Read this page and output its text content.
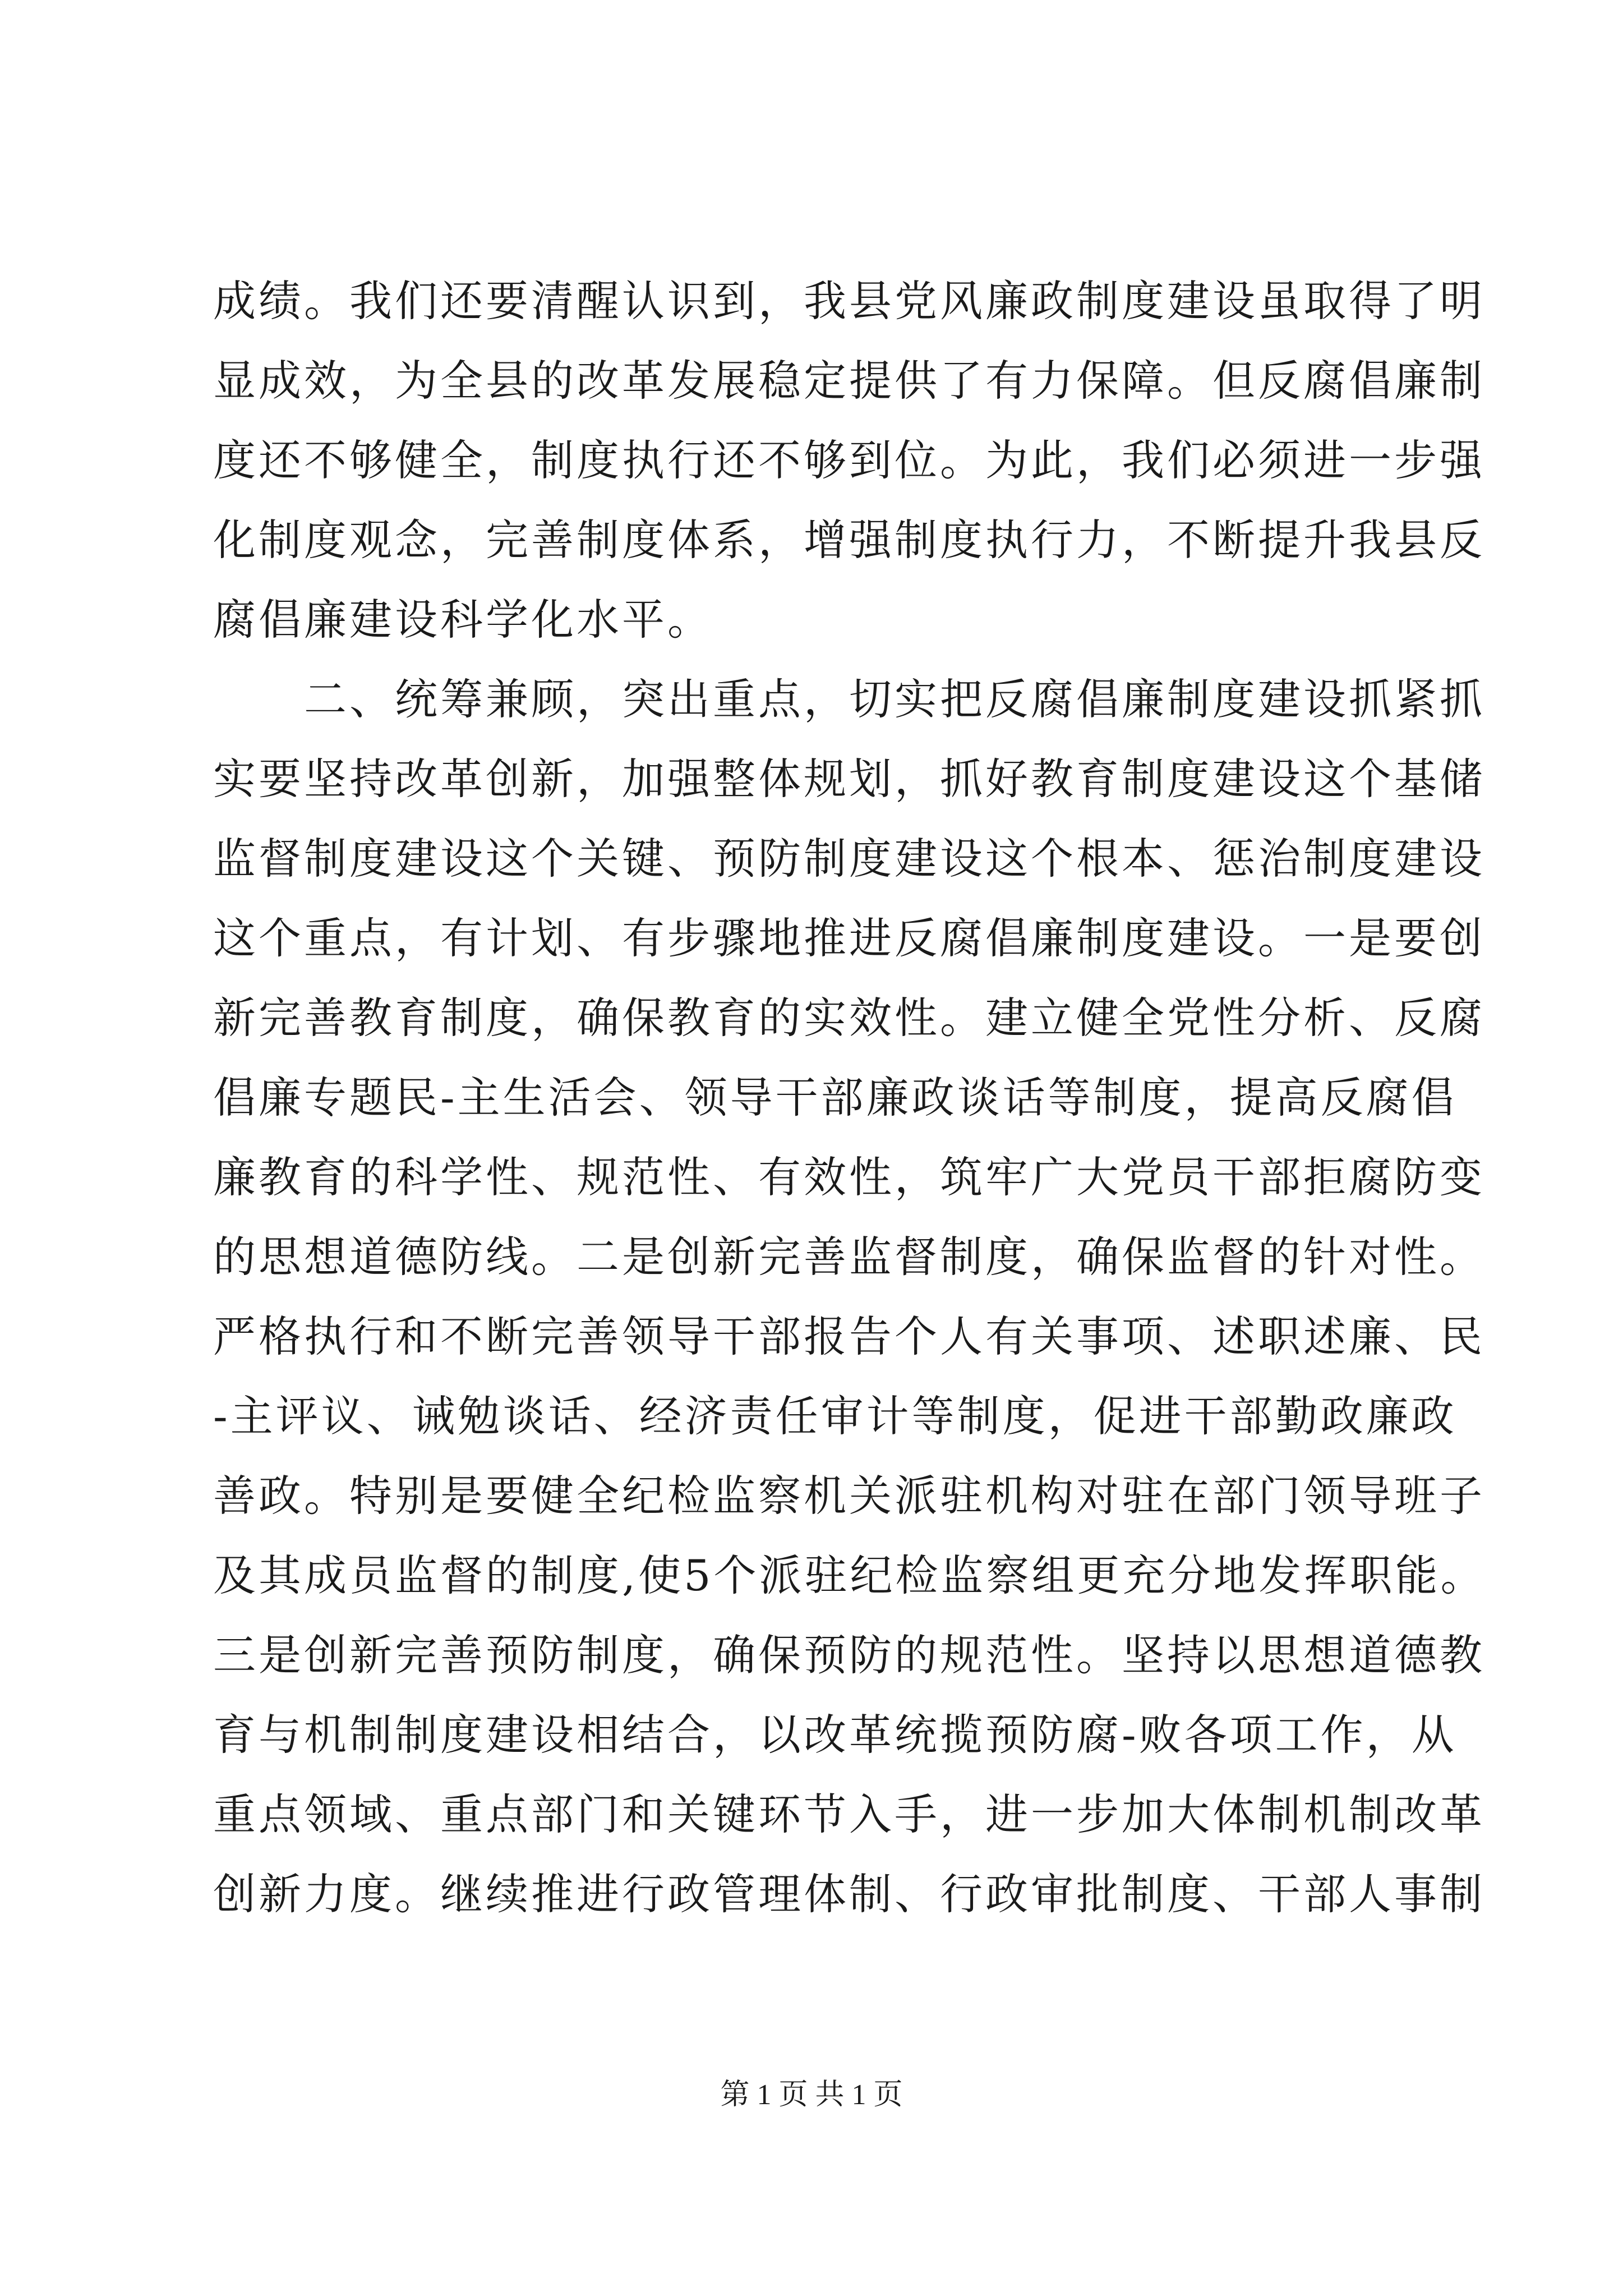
成绩。我们还要清醒认识到，我县党风廉政制度建设虽取得了明
显成效，为全县的改革发展稳定提供了有力保障。但反腐倡廉制
度还不够健全，制度执行还不够到位。为此，我们必须进一步强
化制度观念，完善制度体系，增强制度执行力，不断提升我县反
腐倡廉建设科学化水平。
　　二、统筹兼顾，突出重点，切实把反腐倡廉制度建设抓紧抓
实要坚持改革创新，加强整体规划，抓好教育制度建设这个基储
监督制度建设这个关键、预防制度建设这个根本、惩治制度建设
这个重点，有计划、有步骤地推进反腐倡廉制度建设。一是要创
新完善教育制度，确保教育的实效性。建立健全党性分析、反腐
倡廉专题民-主生活会、领导干部廉政谈话等制度，提高反腐倡
廉教育的科学性、规范性、有效性，筑牢广大党员干部拒腐防变
的思想道德防线。二是创新完善监督制度，确保监督的针对性。
严格执行和不断完善领导干部报告个人有关事项、述职述廉、民
-主评议、诫勉谈话、经济责任审计等制度，促进干部勤政廉政
善政。特别是要健全纪检监察机关派驻机构对驻在部门领导班子
及其成员监督的制度,使5个派驻纪检监察组更充分地发挥职能。
三是创新完善预防制度，确保预防的规范性。坚持以思想道德教
育与机制制度建设相结合，以改革统揽预防腐-败各项工作，从
重点领域、重点部门和关键环节入手，进一步加大体制机制改革
创新力度。继续推进行政管理体制、行政审批制度、干部人事制
第 1 页 共 1 页
